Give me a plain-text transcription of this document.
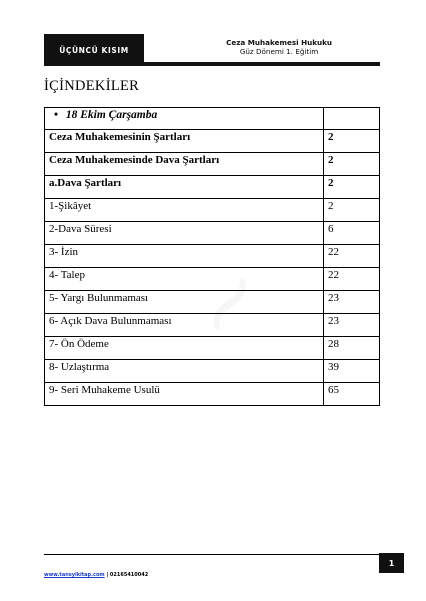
ÜÇÜNCÜ KISIM
Ceza Muhakemesi Hukuku
Güz Dönemi 1. Eğitim
İÇİNDEKİLER
• 18 Ekim Çarşamba	
Ceza Muhakemesinin Şartları	2
Ceza Muhakemesinde Dava Şartları	2
a.Dava Şartları	2
1-Şikâyet	2
2-Dava Süresi	6
3- İzin	22
4- Talep	22
5- Yargı Bulunmaması	23
6- Açık Dava Bulunmaması	23
7- Ön Ödeme	28
8- Uzlaştırma	39
9- Seri Muhakeme Usulü	65
www.tansyikitap.com | 02165410042
1
